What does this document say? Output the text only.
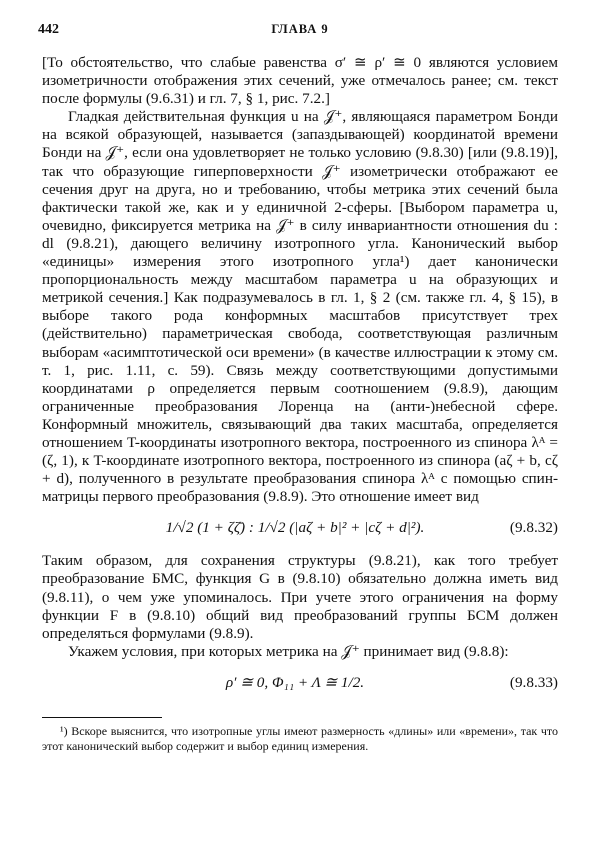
442	ГЛАВА 9

[То обстоятельство, что слабые равенства σ′ ≅ ρ′ ≅ 0 являются условием изометричности отображения этих сечений, уже отмечалось ранее; см. текст после формулы (9.6.31) и гл. 7, § 1, рис. 7.2.]

Гладкая действительная функция u на 𝒥⁺, являющаяся параметром Бонди на всякой образующей, называется (запаздывающей) координатой времени Бонди на 𝒥⁺, если она удовлетворяет не только условию (9.8.30) [или (9.8.19)], так что образующие гиперповерхности 𝒥⁺ изометрически отображают ее сечения друг на друга, но и требованию, чтобы метрика этих сечений была фактически такой же, как и у единичной 2-сферы. [Выбором параметра u, очевидно, фиксируется метрика на 𝒥⁺ в силу инвариантности отношения du : dl (9.8.21), дающего величину изотропного угла. Канонический выбор «единицы» измерения этого изотропного угла¹) дает канонически пропорциональность между масштабом параметра u на образующих и метрикой сечения.] Как подразумевалось в гл. 1, § 2 (см. также гл. 4, § 15), в выборе такого рода конформных масштабов присутствует трех (действительно) параметрическая свобода, соответствующая различным выборам «асимптотической оси времени» (в качестве иллюстрации к этому см. т. 1, рис. 1.11, с. 59). Связь между соответствующими допустимыми координатами ρ определяется первым соотношением (9.8.9), дающим ограниченные преобразования Лоренца на (анти-)небесной сфере. Конформный множитель, связывающий два таких масштаба, определяется отношением T-координаты изотропного вектора, построенного из спинора λᴬ = (ζ, 1), к T-координате изотропного вектора, построенного из спинора (aζ + b, cζ + d), полученного в результате преобразования спинора λᴬ с помощью спин-матрицы первого преобразования (9.8.9). Это отношение имеет вид

1/√2 (1 + ζζ̄) : 1/√2 (|aζ + b|² + |cζ + d|²).	(9.8.32)

Таким образом, для сохранения структуры (9.8.21), как того требует преобразование БМС, функция G в (9.8.10) обязательно должна иметь вид (9.8.11), о чем уже упоминалось. При учете этого ограничения на форму функции F в (9.8.10) общий вид преобразований группы БСМ должен определяться формулами (9.8.9).

Укажем условия, при которых метрика на 𝒥⁺ принимает вид (9.8.8):

ρ′ ≅ 0, Φ₁₁ + Λ ≅ 1/2.	(9.8.33)

¹) Вскоре выяснится, что изотропные углы имеют размерность «длины» или «времени», так что этот канонический выбор содержит и выбор единиц измерения.
